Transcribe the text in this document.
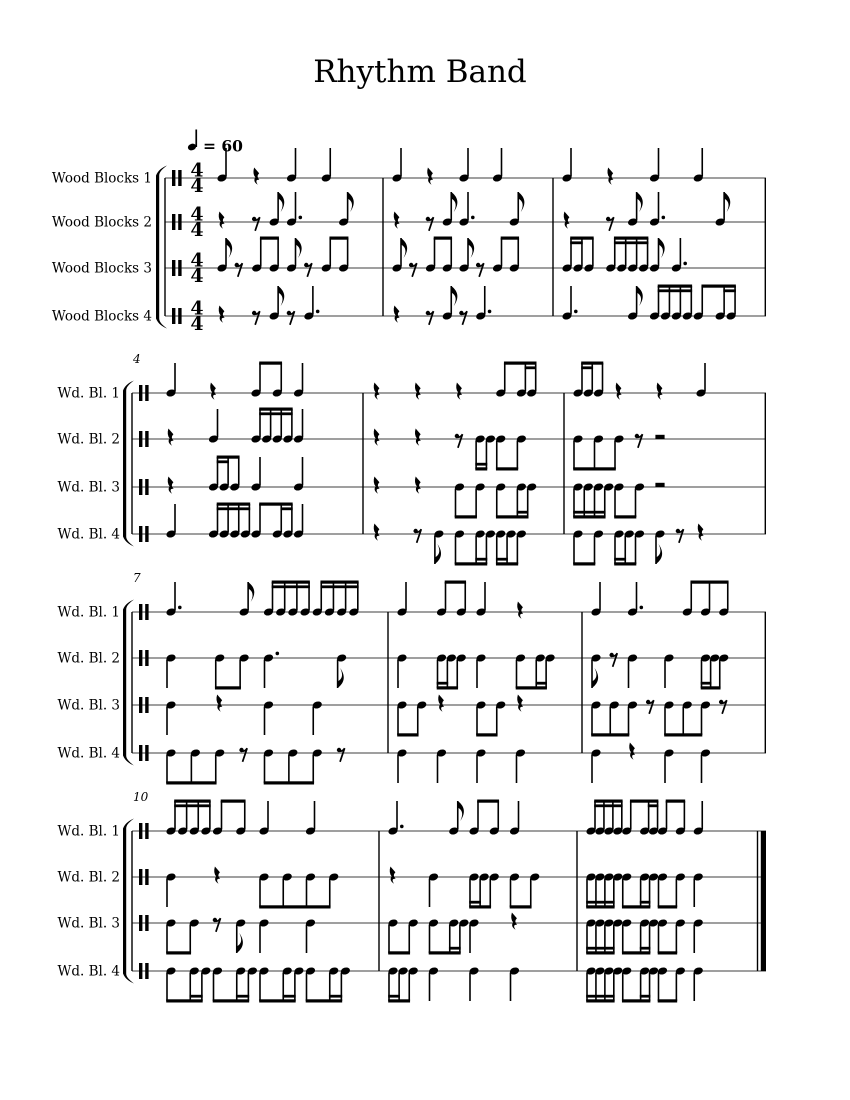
Rhythm Band
= 60
Wood Blocks 1 4
4
Wood Blocks 2 4
4
Wood Blocks 3 4
4
Wood Blocks 4 4
4
Wd. Bl. 1
Wd. Bl. 2
Wd. Bl. 3
Wd. Bl. 4
4
Wd. Bl. 1
Wd. Bl. 2
Wd. Bl. 3
Wd. Bl. 4
7
Wd. Bl. 1
Wd. Bl. 2
Wd. Bl. 3
Wd. Bl. 4
10
